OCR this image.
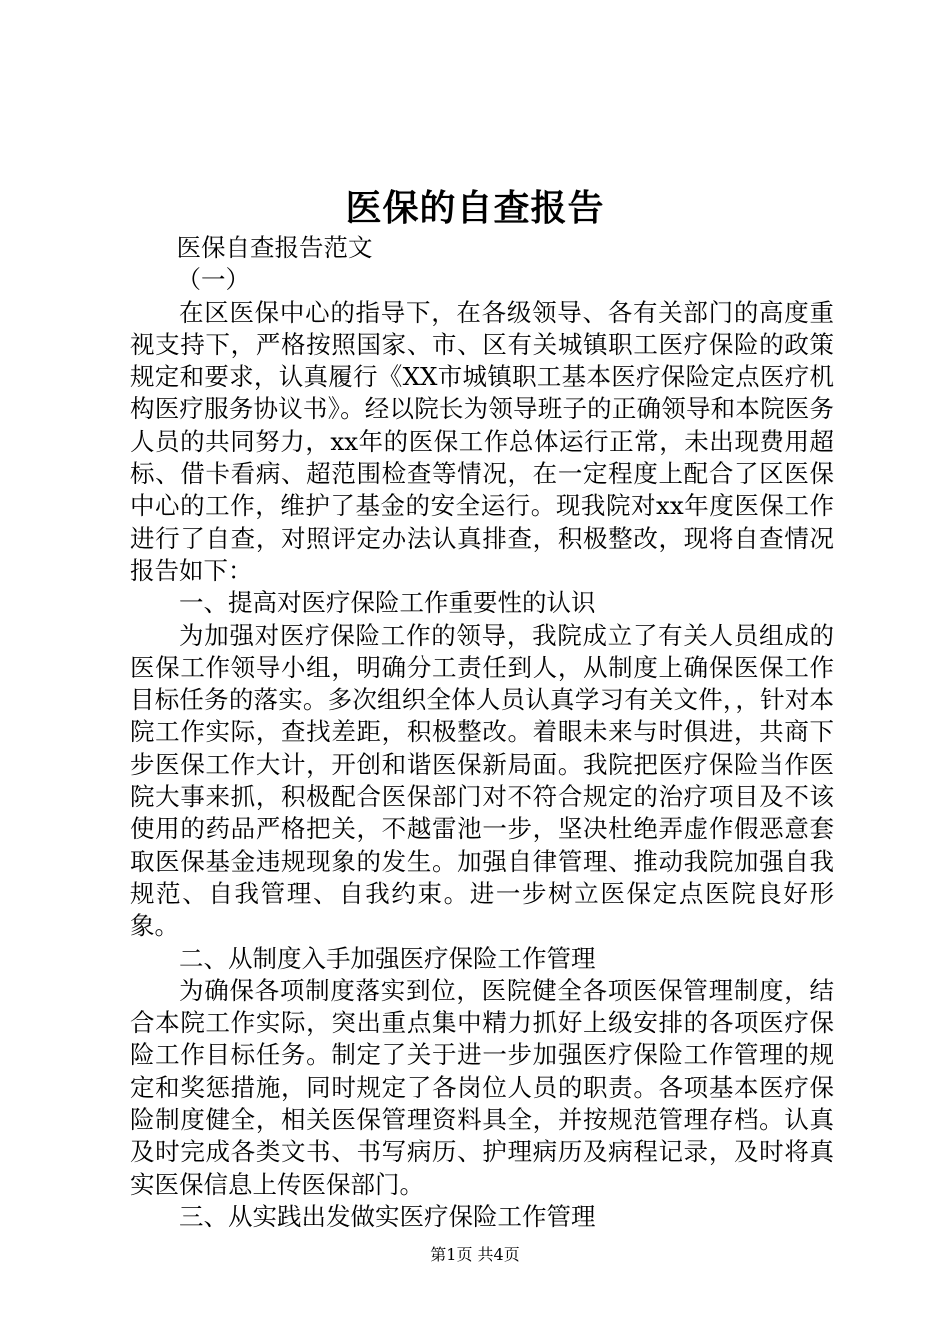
医保的自查报告

医保自查报告范文

（一）

在区医保中心的指导下，在各级领导、各有关部门的高度重视支持下，严格按照国家、市、区有关城镇职工医疗保险的政策规定和要求，认真履行《XX市城镇职工基本医疗保险定点医疗机构医疗服务协议书》。经以院长为领导班子的正确领导和本院医务人员的共同努力，xx年的医保工作总体运行正常，未出现费用超标、借卡看病、超范围检查等情况，在一定程度上配合了区医保中心的工作，维护了基金的安全运行。现我院对xx年度医保工作进行了自查，对照评定办法认真排查，积极整改，现将自查情况报告如下：

一、提高对医疗保险工作重要性的认识

为加强对医疗保险工作的领导，我院成立了有关人员组成的医保工作领导小组，明确分工责任到人，从制度上确保医保工作目标任务的落实。多次组织全体人员认真学习有关文件，，针对本院工作实际，查找差距，积极整改。着眼未来与时俱进，共商下步医保工作大计，开创和谐医保新局面。我院把医疗保险当作医院大事来抓，积极配合医保部门对不符合规定的治疗项目及不该使用的药品严格把关，不越雷池一步，坚决杜绝弄虚作假恶意套取医保基金违规现象的发生。加强自律管理、推动我院加强自我规范、自我管理、自我约束。进一步树立医保定点医院良好形象。

二、从制度入手加强医疗保险工作管理

为确保各项制度落实到位，医院健全各项医保管理制度，结合本院工作实际，突出重点集中精力抓好上级安排的各项医疗保险工作目标任务。制定了关于进一步加强医疗保险工作管理的规定和奖惩措施，同时规定了各岗位人员的职责。各项基本医疗保险制度健全，相关医保管理资料具全，并按规范管理存档。认真及时完成各类文书、书写病历、护理病历及病程记录，及时将真实医保信息上传医保部门。

三、从实践出发做实医疗保险工作管理

第1页 共4页
